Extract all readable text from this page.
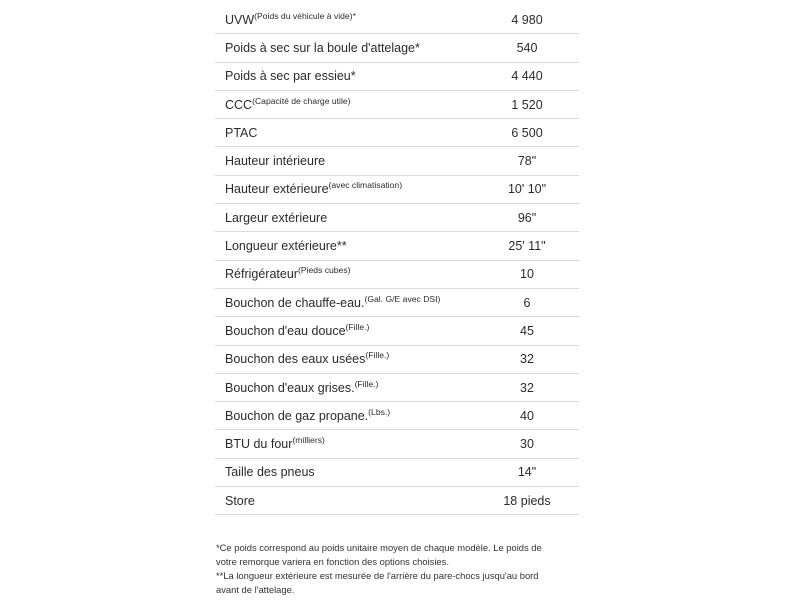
$UVW^{(Poids du véhicule à vide)*}$	4 980
Poids à sec sur la boule d'attelage*	540
Poids à sec par essieu*	4 440
$CCC^{(Capacité de charge utile)}$	1 520
PTAC	6 500
Hauteur intérieure	78"
Hauteur extérieure$^{(avec climatisation)}$	10' 10"
Largeur extérieure	96"
Longueur extérieure**	25' 11"
Réfrigérateur$^{(Pieds cubes)}$	10
Bouchon de chauffe-eau.$^{(Gal. G/E avec DSI)}$	6
Bouchon d'eau douce$^{(Fille.)}$	45
Bouchon des eaux usées$^{(Fille.)}$	32
Bouchon d'eaux grises.$^{(Fille.)}$	32
Bouchon de gaz propane.$^{(Lbs.)}$	40
BTU du four$^{(milliers)}$	30
Taille des pneus	14"
Store	18 pieds

*Ce poids correspond au poids unitaire moyen de chaque modèle. Le poids de votre remorque variera en fonction des options choisies.

**La longueur extérieure est mesurée de l'arrière du pare-chocs jusqu'au bord avant de l'attelage.
